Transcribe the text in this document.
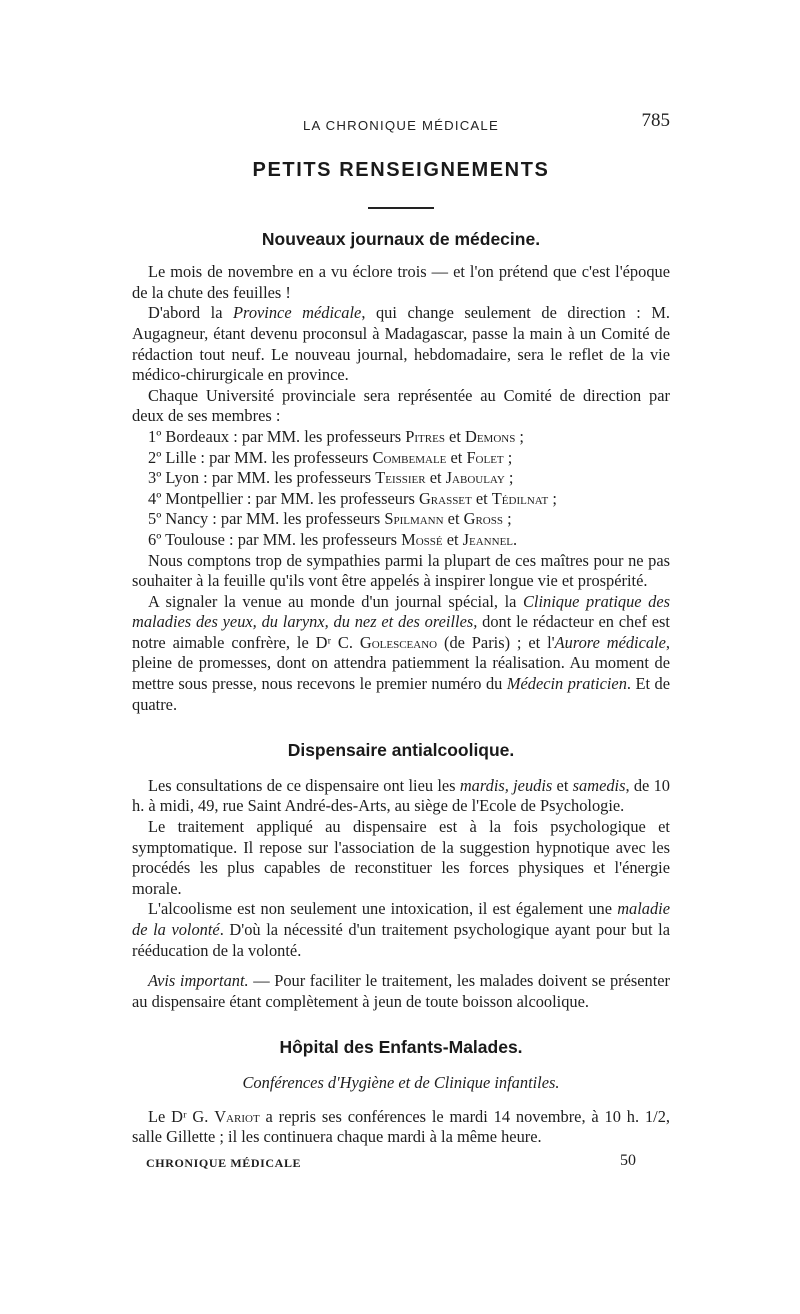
LA CHRONIQUE MÉDICALE	785
PETITS RENSEIGNEMENTS
Nouveaux journaux de médecine.

Le mois de novembre en a vu éclore trois — et l'on prétend que c'est l'époque de la chute des feuilles !

D'abord la Province médicale, qui change seulement de direction : M. Augagneur, étant devenu proconsul à Madagascar, passe la main à un Comité de rédaction tout neuf. Le nouveau journal, hebdomadaire, sera le reflet de la vie médico-chirurgicale en province.

Chaque Université provinciale sera représentée au Comité de direction par deux de ses membres :

1º Bordeaux : par MM. les professeurs Pitres et Demons ;

2º Lille : par MM. les professeurs Combemale et Folet ;

3º Lyon : par MM. les professeurs Teissier et Jaboulay ;

4º Montpellier : par MM. les professeurs Grasset et Tédilnat ;

5º Nancy : par MM. les professeurs Spilmann et Gross ;

6º Toulouse : par MM. les professeurs Mossé et Jeannel.

Nous comptons trop de sympathies parmi la plupart de ces maîtres pour ne pas souhaiter à la feuille qu'ils vont être appelés à inspirer longue vie et prospérité.

A signaler la venue au monde d'un journal spécial, la Clinique pratique des maladies des yeux, du larynx, du nez et des oreilles, dont le rédacteur en chef est notre aimable confrère, le Dʳ C. Golesceano (de Paris) ; et l'Aurore médicale, pleine de promesses, dont on attendra patiemment la réalisation. Au moment de mettre sous presse, nous recevons le premier numéro du Médecin praticien. Et de quatre.

Dispensaire antialcoolique.

Les consultations de ce dispensaire ont lieu les mardis, jeudis et samedis, de 10 h. à midi, 49, rue Saint André-des-Arts, au siège de l'Ecole de Psychologie.

Le traitement appliqué au dispensaire est à la fois psychologique et symptomatique. Il repose sur l'association de la suggestion hypnotique avec les procédés les plus capables de reconstituer les forces physiques et l'énergie morale.

L'alcoolisme est non seulement une intoxication, il est également une maladie de la volonté. D'où la nécessité d'un traitement psychologique ayant pour but la rééducation de la volonté.

Avis important. — Pour faciliter le traitement, les malades doivent se présenter au dispensaire étant complètement à jeun de toute boisson alcoolique.

Hôpital des Enfants-Malades.
Conférences d'Hygiène et de Clinique infantiles.

Le Dʳ G. Variot a repris ses conférences le mardi 14 novembre, à 10 h. 1/2, salle Gillette ; il les continuera chaque mardi à la même heure.

CHRONIQUE MÉDICALE	50
